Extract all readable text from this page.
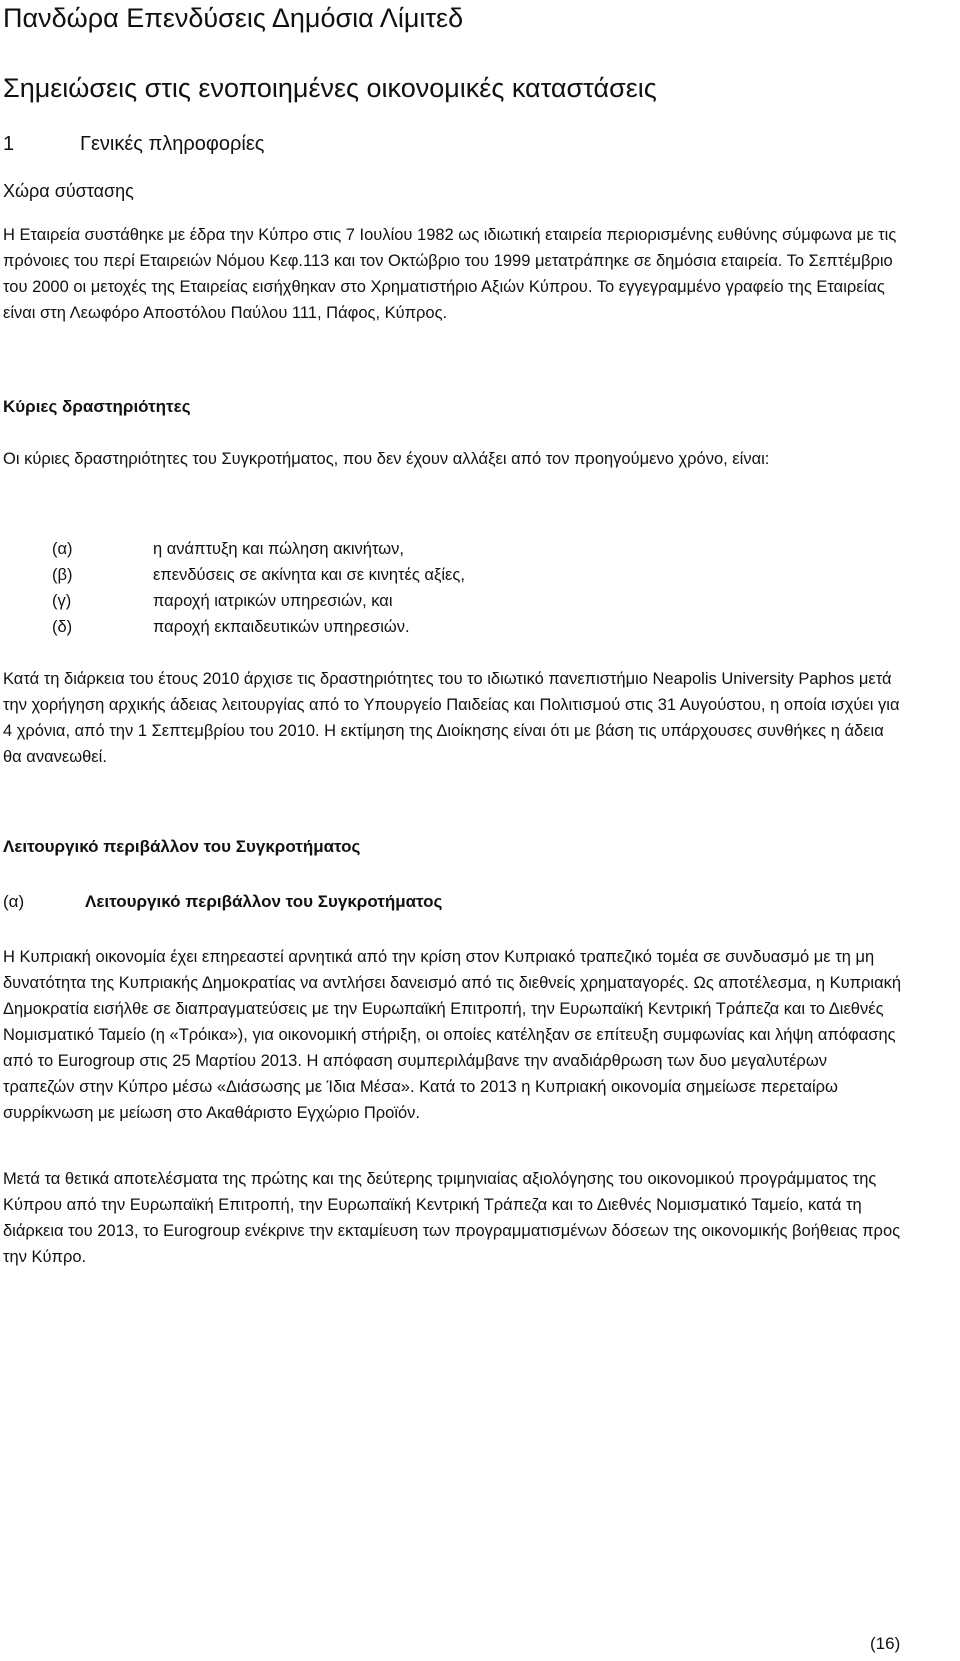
Πανδώρα Επενδύσεις Δημόσια Λίμιτεδ
Σημειώσεις στις ενοποιημένες οικονομικές καταστάσεις
1	Γενικές πληροφορίες
Χώρα σύστασης

Η Εταιρεία συστάθηκε με έδρα την Κύπρο στις 7 Ιουλίου 1982 ως ιδιωτική εταιρεία περιορισμένης ευθύνης σύμφωνα με τις πρόνοιες του περί Εταιρειών Νόμου Κεφ.113 και τον Οκτώβριο του 1999 μετατράπηκε σε δημόσια εταιρεία. Το Σεπτέμβριο του 2000 οι μετοχές της Εταιρείας εισήχθηκαν στο Χρηματιστήριο Αξιών Κύπρου. Το εγγεγραμμένο γραφείο της Εταιρείας είναι στη Λεωφόρο Αποστόλου Παύλου 111, Πάφος, Κύπρος.

Κύριες δραστηριότητες

Οι κύριες δραστηριότητες του Συγκροτήματος, που δεν έχουν αλλάξει από τον προηγούμενο χρόνο, είναι:

(α)	η ανάπτυξη και πώληση ακινήτων,
(β)	επενδύσεις σε ακίνητα και σε κινητές αξίες,
(γ)	παροχή ιατρικών υπηρεσιών, και
(δ)	παροχή εκπαιδευτικών υπηρεσιών.

Κατά τη διάρκεια του έτους 2010 άρχισε τις δραστηριότητες του το ιδιωτικό πανεπιστήμιο Neapolis University Paphos μετά την χορήγηση αρχικής άδειας λειτουργίας από το Υπουργείο Παιδείας και Πολιτισμού στις 31 Αυγούστου, η οποία ισχύει για 4 χρόνια, από την 1 Σεπτεμβρίου του 2010. Η εκτίμηση της Διοίκησης είναι ότι με βάση τις υπάρχουσες συνθήκες η άδεια θα ανανεωθεί.

Λειτουργικό περιβάλλον του Συγκροτήματος
(α)	Λειτουργικό περιβάλλον του Συγκροτήματος

Η Κυπριακή οικονομία έχει επηρεαστεί αρνητικά από την κρίση στον Κυπριακό τραπεζικό τομέα σε συνδυασμό με τη μη δυνατότητα της Κυπριακής Δημοκρατίας να αντλήσει δανεισμό από τις διεθνείς χρηματαγορές. Ως αποτέλεσμα, η Κυπριακή Δημοκρατία εισήλθε σε διαπραγματεύσεις με την Ευρωπαϊκή Επιτροπή, την Ευρωπαϊκή Κεντρική Τράπεζα και το Διεθνές Νομισματικό Ταμείο (η «Τρόικα»), για οικονομική στήριξη, οι οποίες κατέληξαν σε επίτευξη συμφωνίας και λήψη απόφασης από το Eurogroup στις 25 Μαρτίου 2013. Η απόφαση συμπεριλάμβανε την αναδιάρθρωση των δυο μεγαλυτέρων τραπεζών στην Κύπρο μέσω «Διάσωσης με Ίδια Μέσα». Κατά το 2013 η Κυπριακή οικονομία σημείωσε περεταίρω συρρίκνωση με μείωση στο Ακαθάριστο Εγχώριο Προϊόν.

Μετά τα θετικά αποτελέσματα της πρώτης και της δεύτερης τριμηνιαίας αξιολόγησης του οικονομικού προγράμματος της Κύπρου από την Ευρωπαϊκή Επιτροπή, την Ευρωπαϊκή Κεντρική Τράπεζα και το Διεθνές Νομισματικό Ταμείο, κατά τη διάρκεια του 2013, το Eurogroup ενέκρινε την εκταμίευση των προγραμματισμένων δόσεων της οικονομικής βοήθειας προς την Κύπρο.

(16)
